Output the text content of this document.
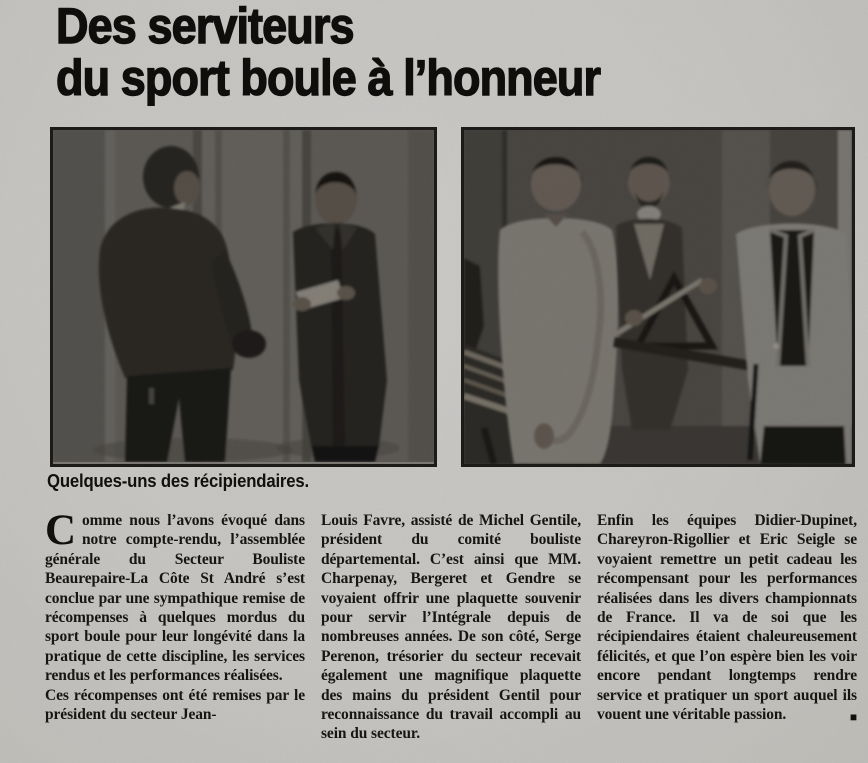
Des serviteurs
du sport boule à l’honneur

Quelques-uns des récipiendaires.

Comme nous l’avons évoqué dans notre compte-rendu, l’assemblée générale du Secteur Bouliste Beaurepaire-La Côte St André s’est conclue par une sympathique remise de récompenses à quelques mordus du sport boule pour leur longévité dans la pratique de cette discipline, les services rendus et les performances réalisées.

Ces récompenses ont été remises par le président du secteur Jean-

Louis Favre, assisté de Michel Gentile, président du comité bouliste départemental. C’est ainsi que MM. Charpenay, Bergeret et Gendre se voyaient offrir une plaquette souvenir pour servir l’Intégrale depuis de nombreuses années. De son côté, Serge Perenon, trésorier du secteur recevait également une magnifique plaquette des mains du président Gentil pour reconnaissance du travail accompli au sein du secteur.

Enfin les équipes Didier-Dupinet, Chareyron-Rigollier et Eric Seigle se voyaient remettre un petit cadeau les récompensant pour les performances réalisées dans les divers championnats de France. Il va de soi que les récipiendaires étaient chaleureusement félicités, et que l’on espère bien les voir encore pendant longtemps rendre service et pratiquer un sport auquel ils vouent une véritable passion.	■
